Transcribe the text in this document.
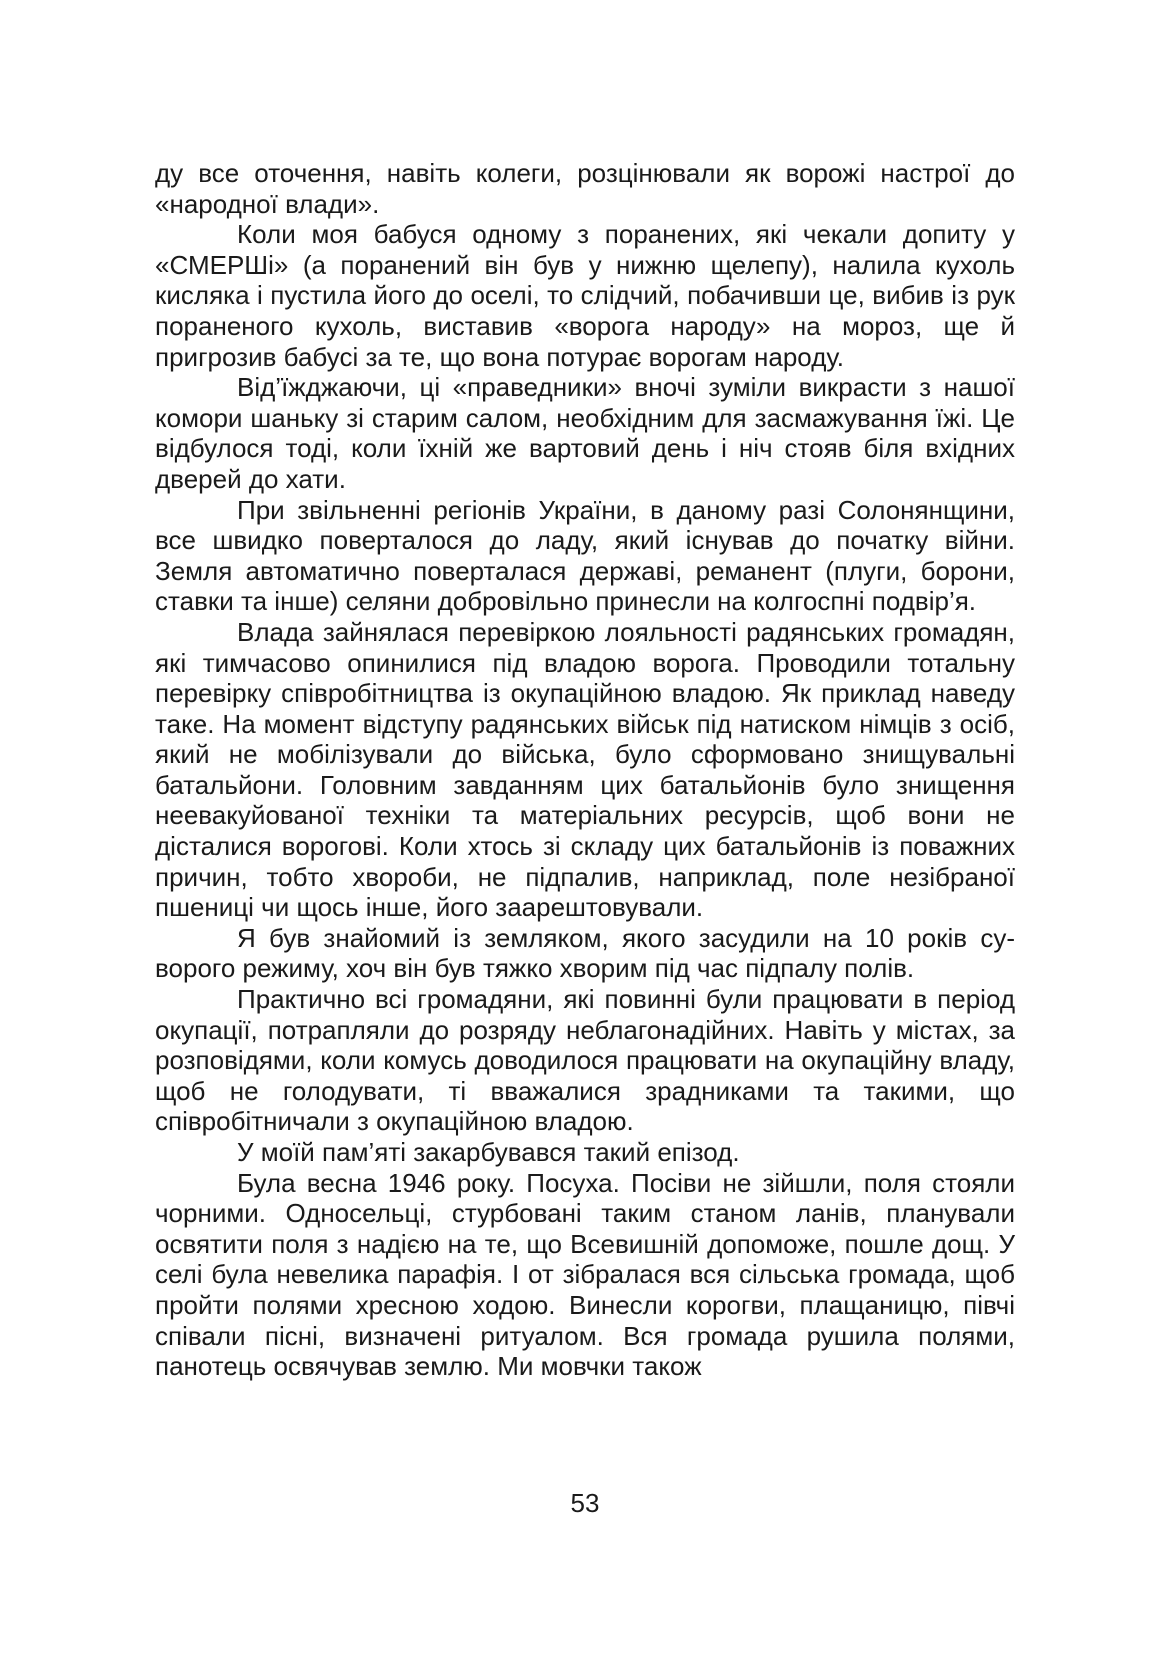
ду все оточення, навіть колеги, розцінювали як ворожі настрої до «народної влади».

Коли моя бабуся одному з поранених, які чекали допиту у «СМЕРШі» (а поранений він був у нижню щелепу), налила кухоль кисляка і пустила його до оселі, то слідчий, побачивши це, вибив із рук пораненого кухоль, виставив «ворога народу» на мороз, ще й пригрозив бабусі за те, що вона потурає ворогам народу.

Від’їжджаючи, ці «праведники» вночі зуміли викрасти з нашої комори шаньку зі старим салом, необхідним для засмажування їжі. Це відбулося тоді, коли їхній же вартовий день і ніч стояв біля вхідних дверей до хати.

При звільненні регіонів України, в даному разі Солонянщини, все швидко поверталося до ладу, який існував до початку війни. Земля автоматично поверталася державі, реманент (плуги, борони, ставки та інше) селяни добровільно принесли на колгоспні подвір’я.

Влада зайнялася перевіркою лояльності радянських громадян, які тимчасово опинилися під владою ворога. Проводили тотальну перевірку співробітництва із окупаційною владою. Як приклад наведу таке. На момент відступу радянських військ під натиском німців з осіб, який не мобілізували до війська, було сформовано знищувальні батальйони. Головним завданням цих батальйонів було знищення неевакуйованої техніки та матеріальних ресурсів, щоб вони не дісталися ворогові. Коли хтось зі складу цих батальйонів із поважних причин, тобто хвороби, не підпалив, наприклад, поле незібраної пшениці чи щось інше, його заарештовували.

Я був знайомий із земляком, якого засудили на 10 років суворого режиму, хоч він був тяжко хворим під час підпалу полів.

Практично всі громадяни, які повинні були працювати в період окупації, потрапляли до розряду неблагонадійних. Навіть у містах, за розповідями, коли комусь доводилося працювати на окупаційну владу, щоб не голодувати, ті вважалися зрадниками та такими, що співробітничали з окупаційною владою.

У моїй пам’яті закарбувався такий епізод.

Була весна 1946 року. Посуха. Посіви не зійшли, поля стояли чорними. Односельці, стурбовані таким станом ланів, планували освятити поля з надією на те, що Всевишній допоможе, пошле дощ. У селі була невелика парафія. І от зібралася вся сільська громада, щоб пройти полями хресною ходою. Винесли корогви, плащаницю, півчі співали пісні, визначені ритуалом. Вся громада рушила полями, панотець освячував землю. Ми мовчки також

53
